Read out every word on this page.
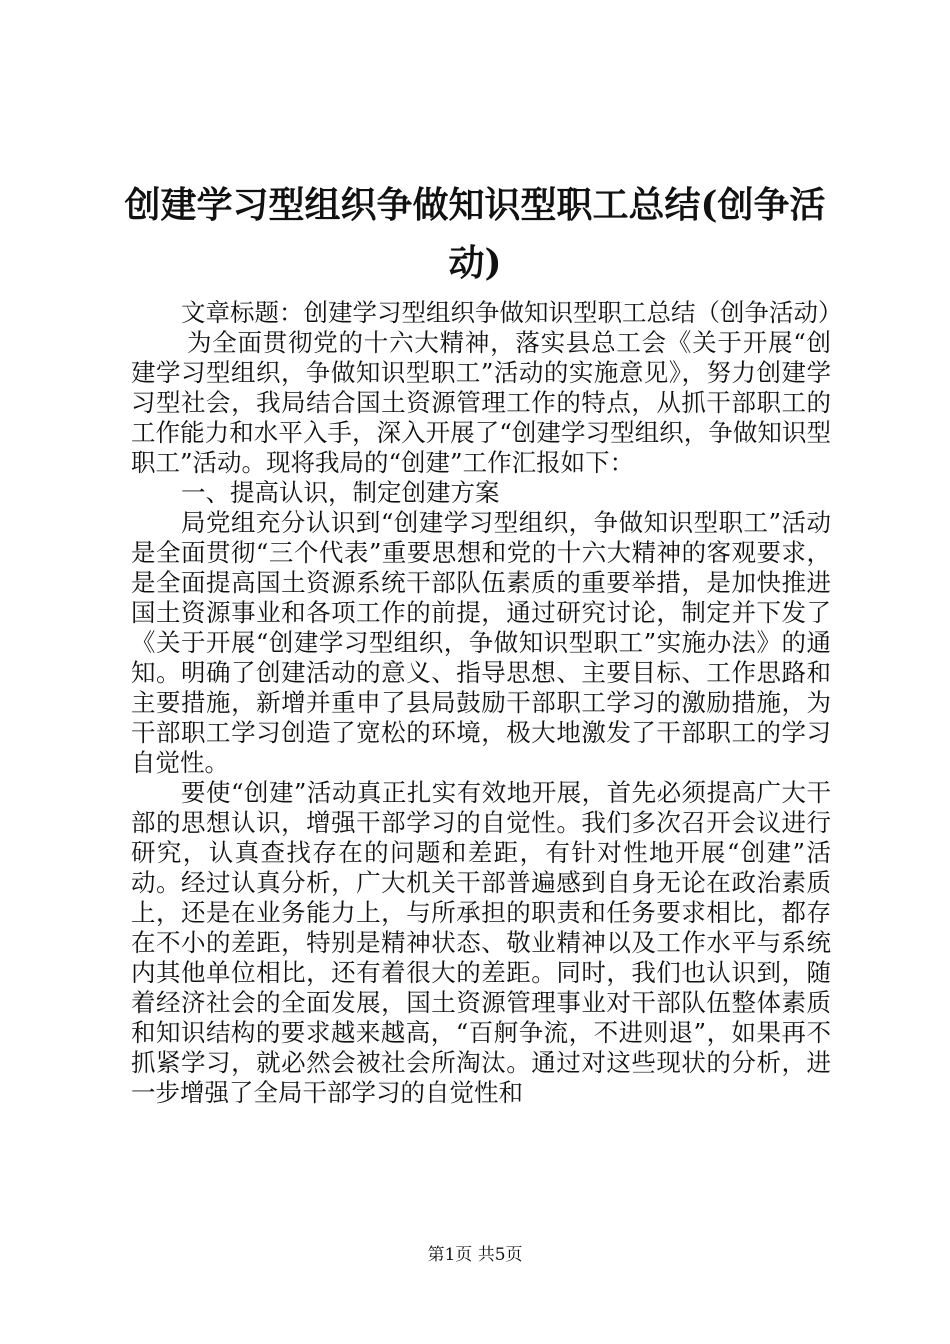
创建学习型组织争做知识型职工总结(创争活动)

文章标题：创建学习型组织争做知识型职工总结（创争活动）

为全面贯彻党的十六大精神，落实县总工会《关于开展“创建学习型组织，争做知识型职工”活动的实施意见》，努力创建学习型社会，我局结合国土资源管理工作的特点，从抓干部职工的工作能力和水平入手，深入开展了“创建学习型组织，争做知识型职工”活动。现将我局的“创建”工作汇报如下：

一、提高认识，制定创建方案

局党组充分认识到“创建学习型组织，争做知识型职工”活动是全面贯彻“三个代表”重要思想和党的十六大精神的客观要求，是全面提高国土资源系统干部队伍素质的重要举措，是加快推进国土资源事业和各项工作的前提，通过研究讨论，制定并下发了《关于开展“创建学习型组织，争做知识型职工”实施办法》的通知。明确了创建活动的意义、指导思想、主要目标、工作思路和主要措施，新增并重申了县局鼓励干部职工学习的激励措施，为干部职工学习创造了宽松的环境，极大地激发了干部职工的学习自觉性。

要使“创建”活动真正扎实有效地开展，首先必须提高广大干部的思想认识，增强干部学习的自觉性。我们多次召开会议进行研究，认真查找存在的问题和差距，有针对性地开展“创建”活动。经过认真分析，广大机关干部普遍感到自身无论在政治素质上，还是在业务能力上，与所承担的职责和任务要求相比，都存在不小的差距，特别是精神状态、敬业精神以及工作水平与系统内其他单位相比，还有着很大的差距。同时，我们也认识到，随着经济社会的全面发展，国土资源管理事业对干部队伍整体素质和知识结构的要求越来越高，“百舸争流，不进则退”，如果再不抓紧学习，就必然会被社会所淘汰。通过对这些现状的分析，进一步增强了全局干部学习的自觉性和

第1页 共5页
